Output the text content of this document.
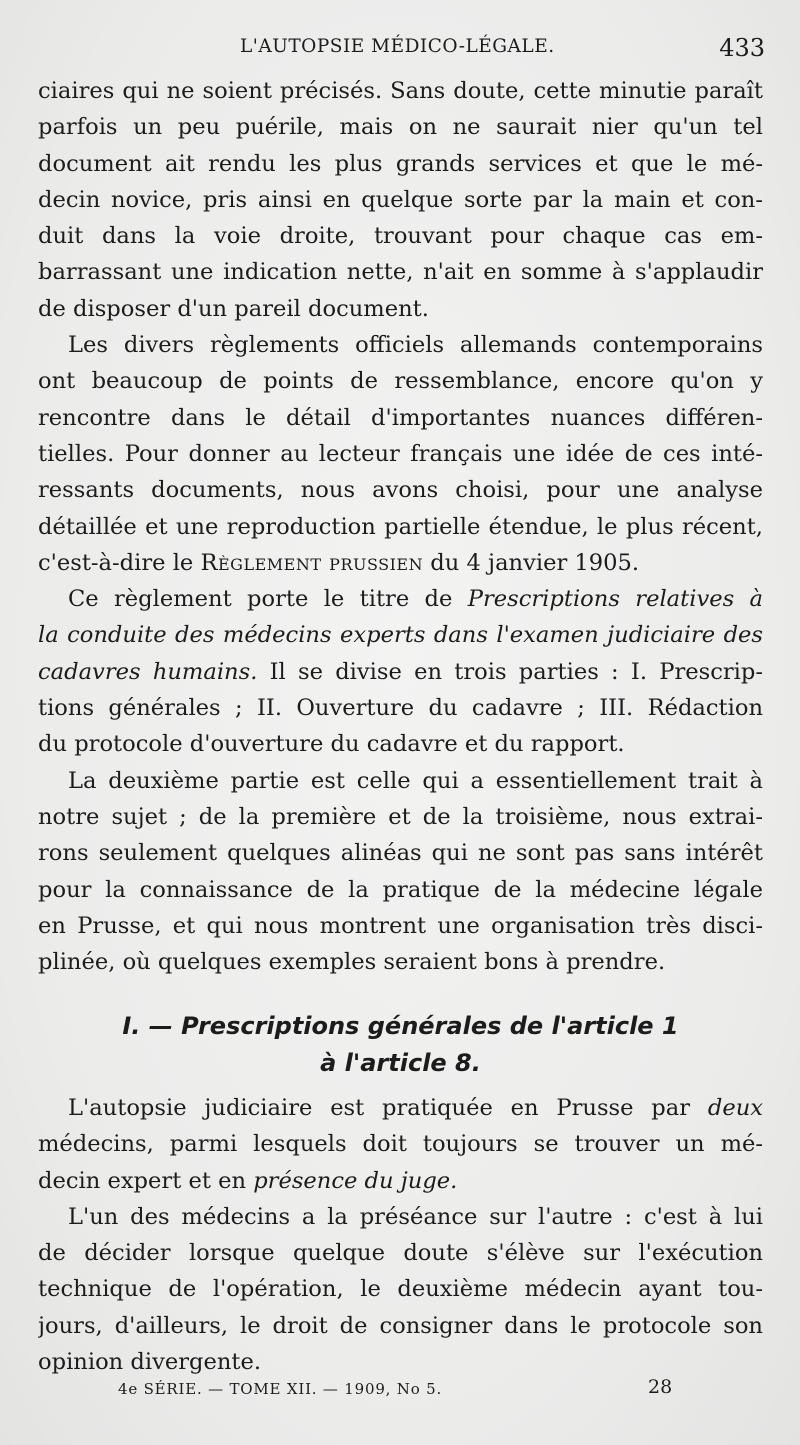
L'AUTOPSIE MÉDICO-LÉGALE.	433
ciaires qui ne soient précisés. Sans doute, cette minutie paraît
parfois un peu puérile, mais on ne saurait nier qu'un tel
document ait rendu les plus grands services et que le mé-
decin novice, pris ainsi en quelque sorte par la main et con-
duit dans la voie droite, trouvant pour chaque cas em-
barrassant une indication nette, n'ait en somme à s'applaudir
de disposer d'un pareil document.
Les divers règlements officiels allemands contemporains
ont beaucoup de points de ressemblance, encore qu'on y
rencontre dans le détail d'importantes nuances différen-
tielles. Pour donner au lecteur français une idée de ces inté-
ressants documents, nous avons choisi, pour une analyse
détaillée et une reproduction partielle étendue, le plus récent,
c'est-à-dire le Règlement prussien du 4 janvier 1905.
Ce règlement porte le titre de Prescriptions relatives à
la conduite des médecins experts dans l'examen judiciaire des
cadavres humains. Il se divise en trois parties : I. Prescrip-
tions générales ; II. Ouverture du cadavre ; III. Rédaction
du protocole d'ouverture du cadavre et du rapport.
La deuxième partie est celle qui a essentiellement trait à
notre sujet ; de la première et de la troisième, nous extrai-
rons seulement quelques alinéas qui ne sont pas sans intérêt
pour la connaissance de la pratique de la médecine légale
en Prusse, et qui nous montrent une organisation très disci-
plinée, où quelques exemples seraient bons à prendre.
I. — Prescriptions générales de l'article 1
à l'article 8.
L'autopsie judiciaire est pratiquée en Prusse par deux
médecins, parmi lesquels doit toujours se trouver un mé-
decin expert et en présence du juge.
L'un des médecins a la préséance sur l'autre : c'est à lui
de décider lorsque quelque doute s'élève sur l'exécution
technique de l'opération, le deuxième médecin ayant tou-
jours, d'ailleurs, le droit de consigner dans le protocole son
opinion divergente.
4e SÉRIE. — TOME XII. — 1909, No 5.	28
